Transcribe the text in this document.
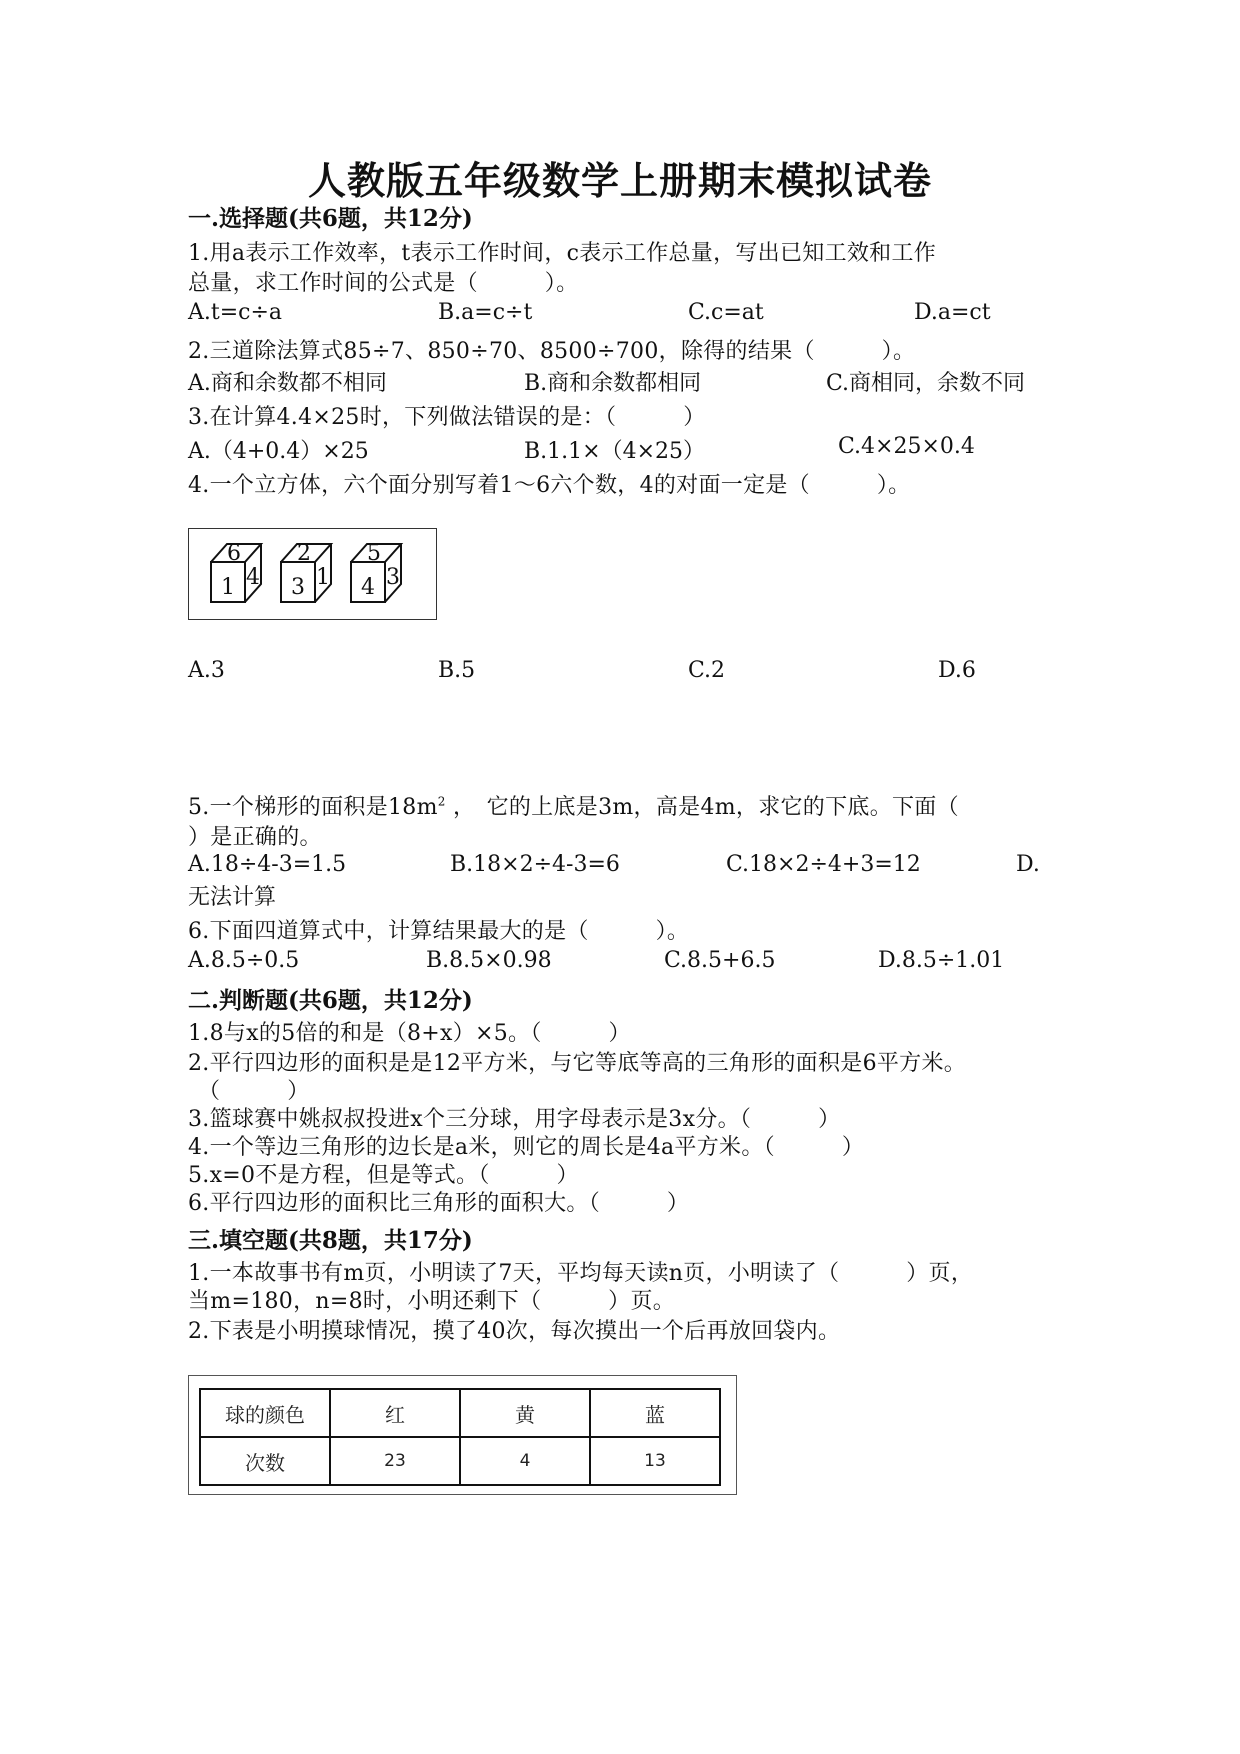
人教版五年级数学上册期末模拟试卷
一.选择题(共6题，共12分)
1.用a表示工作效率，t表示工作时间，c表示工作总量，写出已知工效和工作
总量，求工作时间的公式是（　　　）。
A.t=c÷a	B.a=c÷t	C.c=at	D.a=ct
2.三道除法算式85÷7、850÷70、8500÷700，除得的结果（　　　）。
A.商和余数都不相同	B.商和余数都相同	C.商相同，余数不同
3.在计算4.4×25时，下列做法错误的是：（　　　）
A.（4+0.4）×25	B.1.1×（4×25）	C.4×25×0.4
4.一个立方体，六个面分别写着1～6六个数，4的对面一定是（　　　）。
6
1 4
2
3 1
5
4 3
A.3	B.5	C.2	D.6
5.一个梯形的面积是$18m^2$ ，　它的上底是3m，高是4m，求它的下底。下面（
）是正确的。
A.18÷4-3=1.5	B.18×2÷4-3=6	C.18×2÷4+3=12	D.
无法计算
6.下面四道算式中，计算结果最大的是（　　　）。
A.8.5÷0.5	B.8.5×0.98	C.8.5+6.5	D.8.5÷1.01
二.判断题(共6题，共12分)
1.8与x的5倍的和是（8+x）×5。（　　　）
2.平行四边形的面积是是12平方米，与它等底等高的三角形的面积是6平方米。
（　　　）
3.篮球赛中姚叔叔投进x个三分球，用字母表示是3x分。（　　　）
4.一个等边三角形的边长是a米，则它的周长是4a平方米。（　　　）
5.x=0不是方程，但是等式。（　　　）
6.平行四边形的面积比三角形的面积大。（　　　）
三.填空题(共8题，共17分)
1.一本故事书有m页，小明读了7天，平均每天读n页，小明读了（　　　）页，
当m=180，n=8时，小明还剩下（　　　）页。
2.下表是小明摸球情况，摸了40次，每次摸出一个后再放回袋内。
球的颜色	红	黄	蓝
次数	23	4	13
